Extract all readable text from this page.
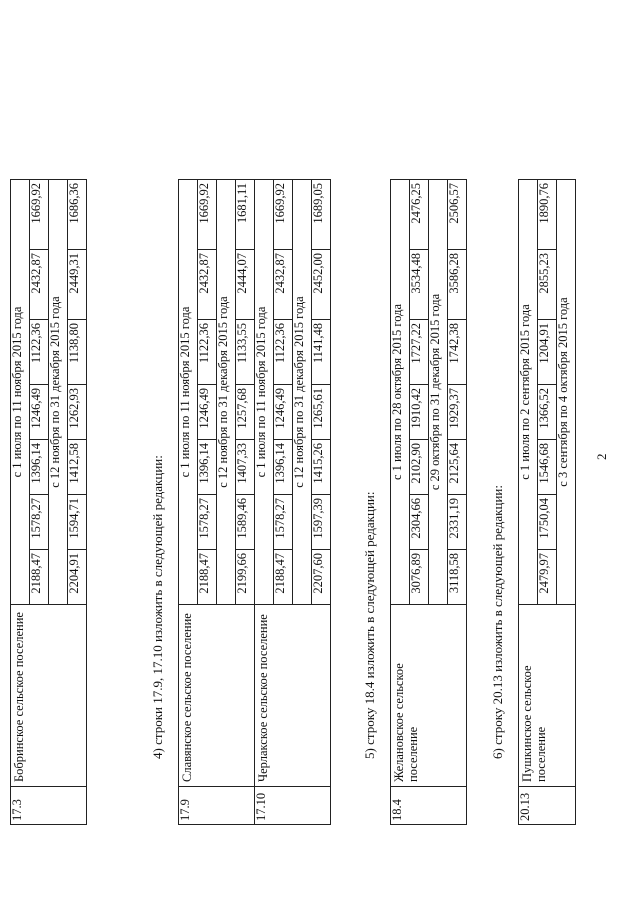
2
17.3	Бобринское сельское поселение	с 1 июля по 11 ноября 2015 года						
		2188,47	1578,27	1396,14	1246,49	1122,36	2432,87	1669,92
		с 12 ноября по 31 декабря 2015 года						
		2204,91	1594,71	1412,58	1262,93	1138,80	2449,31	1686,36
4) строки 17.9, 17.10 изложить в следующей редакции:
17.9	Славянское сельское поселение	с 1 июля по 11 ноября 2015 года						
		2188,47	1578,27	1396,14	1246,49	1122,36	2432,87	1669,92
		с 12 ноября по 31 декабря 2015 года						
		2199,66	1589,46	1407,33	1257,68	1133,55	2444,07	1681,11
17.10	Черлакское сельское поселение	с 1 июля по 11 ноября 2015 года						
		2188,47	1578,27	1396,14	1246,49	1122,36	2432,87	1669,92
		с 12 ноября по 31 декабря 2015 года						
		2207,60	1597,39	1415,26	1265,61	1141,48	2452,00	1689,05
5) строку 18.4 изложить в следующей редакции:
18.4	Желановское сельское поселение	с 1 июля по 28 октября 2015 года						
		3076,89	2304,66	2102,90	1910,42	1727,22	3534,48	2476,25
		с 29 октября по 31 декабря 2015 года						
		3118,58	2331,19	2125,64	1929,37	1742,38	3586,28	2506,57
6) строку 20.13 изложить в следующей редакции:
20.13	Пушкинское сельское поселение	с 1 июля по 2 сентября 2015 года						
		2479,97	1750,04	1546,68	1366,52	1204,91	2855,23	1890,76
		с 3 сентября по 4 октября 2015 года						
